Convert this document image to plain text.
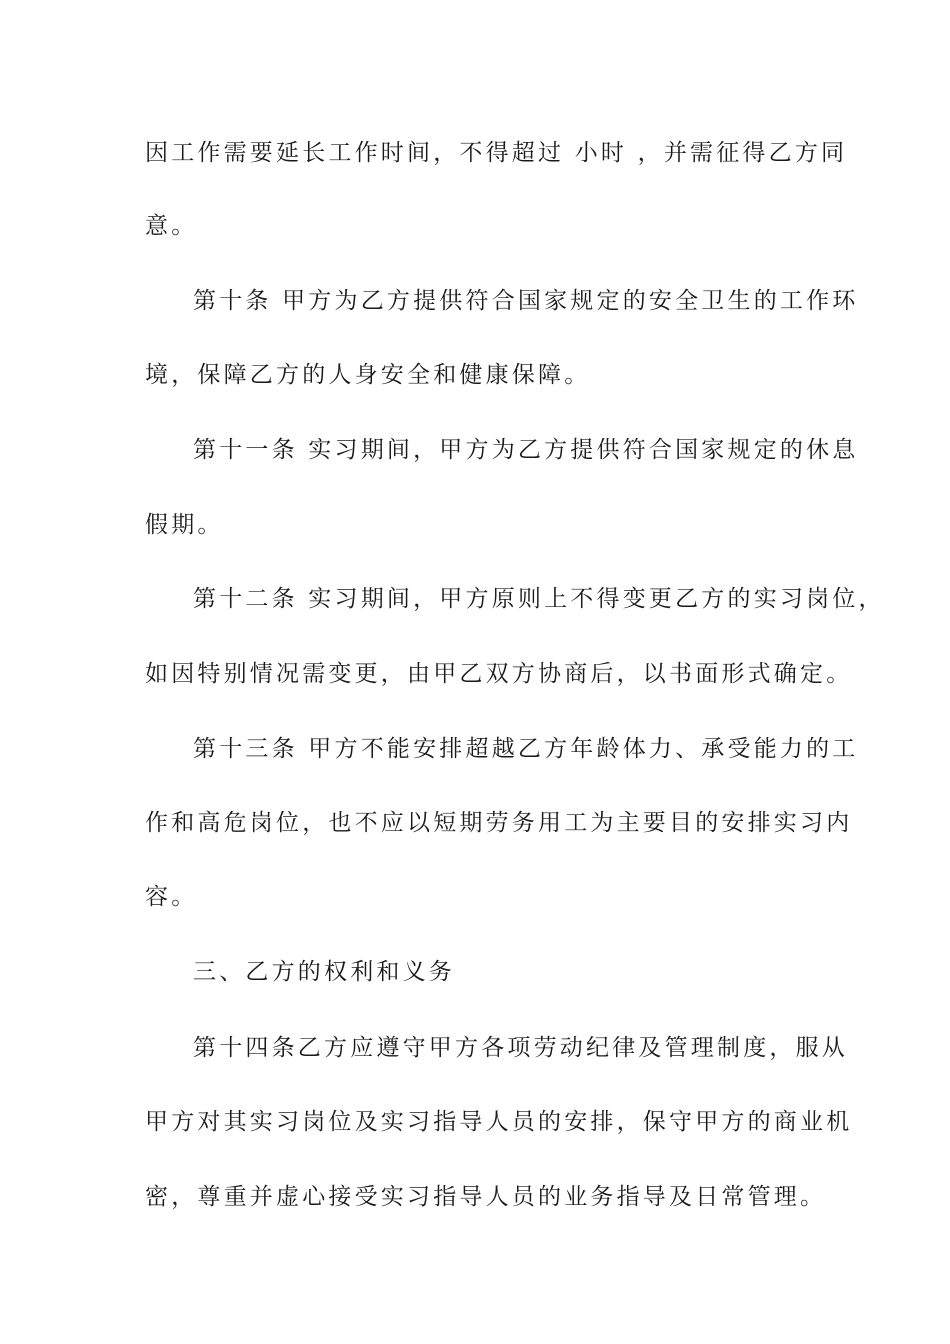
因工作需要延长工作时间，不得超过 小时 ，并需征得乙方同
意。
第十条 甲方为乙方提供符合国家规定的安全卫生的工作环
境，保障乙方的人身安全和健康保障。
第十一条 实习期间，甲方为乙方提供符合国家规定的休息
假期。
第十二条 实习期间，甲方原则上不得变更乙方的实习岗位，
如因特别情况需变更，由甲乙双方协商后，以书面形式确定。
第十三条 甲方不能安排超越乙方年龄体力、承受能力的工
作和高危岗位，也不应以短期劳务用工为主要目的安排实习内
容。
三、乙方的权利和义务
第十四条乙方应遵守甲方各项劳动纪律及管理制度，服从
甲方对其实习岗位及实习指导人员的安排，保守甲方的商业机
密，尊重并虚心接受实习指导人员的业务指导及日常管理。
